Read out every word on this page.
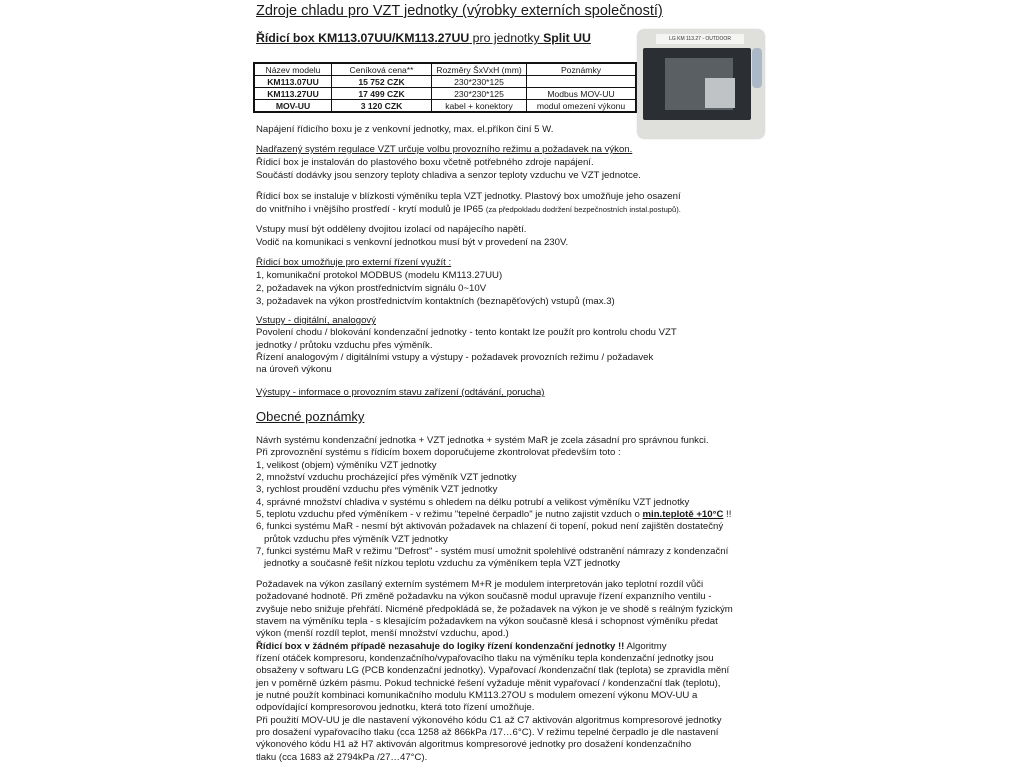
Zdroje chladu pro VZT jednotky (výrobky externích společností)
Řídicí box KM113.07UU/KM113.27UU pro jednotky Split UU
Název modelu	Ceníková cena**	Rozměry ŠxVxH (mm)	Poznámky
KM113.07UU	15 752 CZK	230*230*125	
KM113.27UU	17 499 CZK	230*230*125	Modbus MOV-UU
MOV-UU	3 120 CZK	kabel + konektory	modul omezení výkonu
LG KM 113.27 - OUTDOOR
Napájení řídicího boxu je z venkovní jednotky, max. el.příkon činí 5 W.
Nadřazený systém regulace VZT určuje volbu provozního režimu a požadavek na výkon.
Řídicí box je instalován do plastového boxu včetně potřebného zdroje napájení.
Součástí dodávky jsou senzory teploty chladiva a senzor teploty vzduchu ve VZT jednotce.
Řídicí box se instaluje v blízkosti výměníku tepla VZT jednotky. Plastový box umožňuje jeho osazení
do vnitřního i vnějšího prostředí - krytí modulů je IP65 (za předpokladu dodržení bezpečnostních instal.postupů).
Vstupy musí být odděleny dvojitou izolací od napájecího napětí.
Vodič na komunikaci s venkovní jednotkou musí být v provedení na 230V.
Řídicí box umožňuje pro externí řízení využít :
1, komunikační protokol MODBUS (modelu KM113.27UU)
2, požadavek na výkon prostřednictvím signálu 0~10V
3, požadavek na výkon prostřednictvím kontaktních (beznapěťových) vstupů (max.3)
Vstupy - digitální, analogový
Povolení chodu / blokování kondenzační jednotky - tento kontakt lze použít pro kontrolu chodu VZT
jednotky / průtoku vzduchu přes výměník.
Řízení analogovým / digitálními vstupy a výstupy - požadavek provozních režimu / požadavek
na úroveň výkonu
Výstupy - informace o provozním stavu zařízení (odtávání, porucha)
Obecné poznámky
Návrh systému kondenzační jednotka + VZT jednotka + systém MaR je zcela zásadní pro správnou funkci.
Při zprovoznění systému s řídicím boxem doporučujeme zkontrolovat především toto :
1, velikost (objem) výměníku VZT jednotky
2, množství vzduchu procházející přes výměník VZT jednotky
3, rychlost proudění vzduchu přes výměník VZT jednotky
4, správné množství chladiva v systému s ohledem na délku potrubí a velikost výměníku VZT jednotky
5, teplotu vzduchu před výměníkem - v režimu "tepelné čerpadlo" je nutno zajistit vzduch o min.teplotě +10°C !!
6, funkci systému MaR - nesmí být aktivován požadavek na chlazení či topení, pokud není zajištěn dostatečný
průtok vzduchu přes výměník VZT jednotky
7, funkci systému MaR v režimu "Defrost" - systém musí umožnit spolehlivé odstranění námrazy z kondenzační
jednotky a současně řešit nízkou teplotu vzduchu za výměníkem tepla VZT jednotky
Požadavek na výkon zasílaný externím systémem M+R je modulem interpretován jako teplotní rozdíl vůči
požadované hodnotě. Při změně požadavku na výkon současně modul upravuje řízení expanzního ventilu -
zvyšuje nebo snižuje přehřátí. Nicméně předpokládá se, že požadavek na výkon je ve shodě s reálným fyzickým
stavem na výměníku tepla - s klesajícím požadavkem na výkon současně klesá i schopnost výměníku předat
výkon (menší rozdíl teplot, menší množství vzduchu, apod.)
Řídicí box v žádném případě nezasahuje do logiky řízení kondenzační jednotky !! Algoritmy
řízení otáček kompresoru, kondenzačního/vypařovacího tlaku na výměníku tepla kondenzační jednotky jsou
obsaženy v softwaru LG (PCB kondenzační jednotky). Vypařovací /kondenzační tlak (teplota) se zpravidla mění
jen v poměrně úzkém pásmu. Pokud technické řešení vyžaduje měnit vypařovací / kondenzační tlak (teplotu),
je nutné použít kombinaci komunikačního modulu KM113.27OU s modulem omezení výkonu MOV-UU a
odpovídající kompresorovou jednotku, která toto řízení umožňuje.
Při použití MOV-UU je dle nastavení výkonového kódu C1 až C7 aktivován algoritmus kompresorové jednotky
pro dosažení vypařovacího tlaku (cca 1258 až 866kPa /17…6°C). V režimu tepelné čerpadlo je dle nastavení
výkonového kódu H1 až H7 aktivován algoritmus kompresorové jednotky pro dosažení kondenzačního
tlaku (cca 1683 až 2794kPa /27…47°C).
